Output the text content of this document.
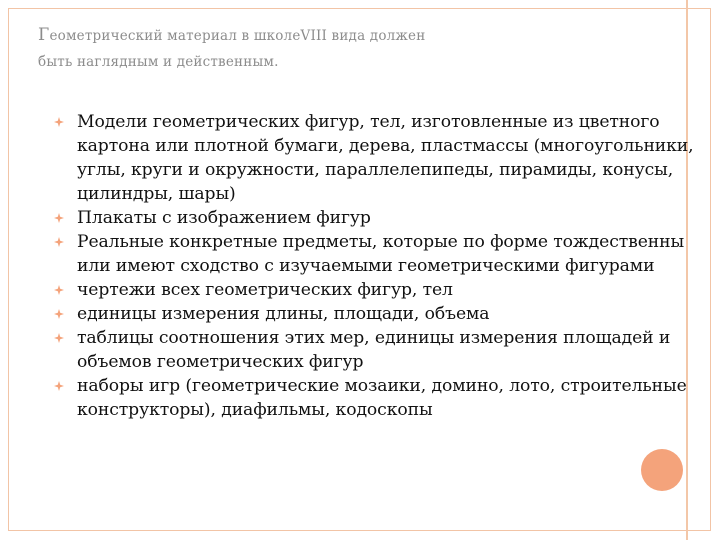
Геометрический материал в школеVIII вида должен
быть наглядным и действенным.
Модели геометрических фигур, тел, изготовленные из цветного картона или плотной бумаги, дерева, пластмассы (многоугольники, углы, круги и окружности, параллелепипеды, пирамиды, конусы, цилиндры, шары)
Плакаты с изображением фигур
Реальные конкретные предметы, которые по форме тождественны или имеют сходство с изучаемыми геометрическими фигурами
чертежи всех геометрических фигур, тел
единицы измерения длины, площади, объема
таблицы соотношения этих мер, единицы измерения площадей и объемов геометрических фигур
наборы игр (геометрические мозаики, домино, лото, строительные конструкторы), диафильмы, кодоскопы
